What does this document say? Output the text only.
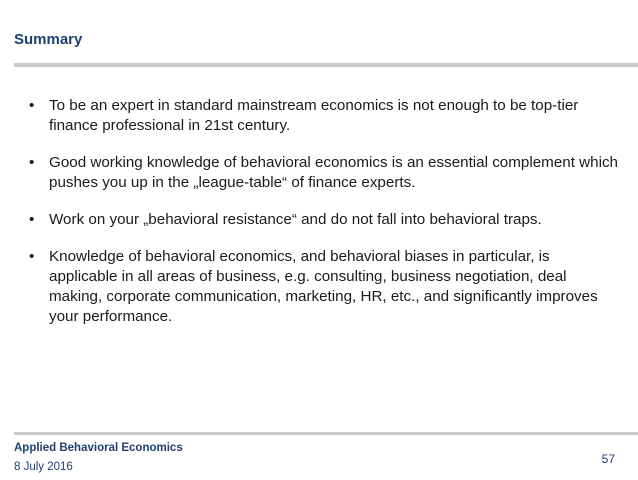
Summary
• To be an expert in standard mainstream economics is not enough to be top-tier finance professional in 21st century.
• Good working knowledge of behavioral economics is an essential complement which pushes you up in the „league-table“ of finance experts.
• Work on your „behavioral resistance“ and do not fall into behavioral traps.
• Knowledge of behavioral economics, and behavioral biases in particular, is applicable in all areas of business, e.g. consulting, business negotiation, deal making, corporate communication, marketing, HR, etc., and significantly improves your performance.
Applied Behavioral Economics
8 July 2016
57
